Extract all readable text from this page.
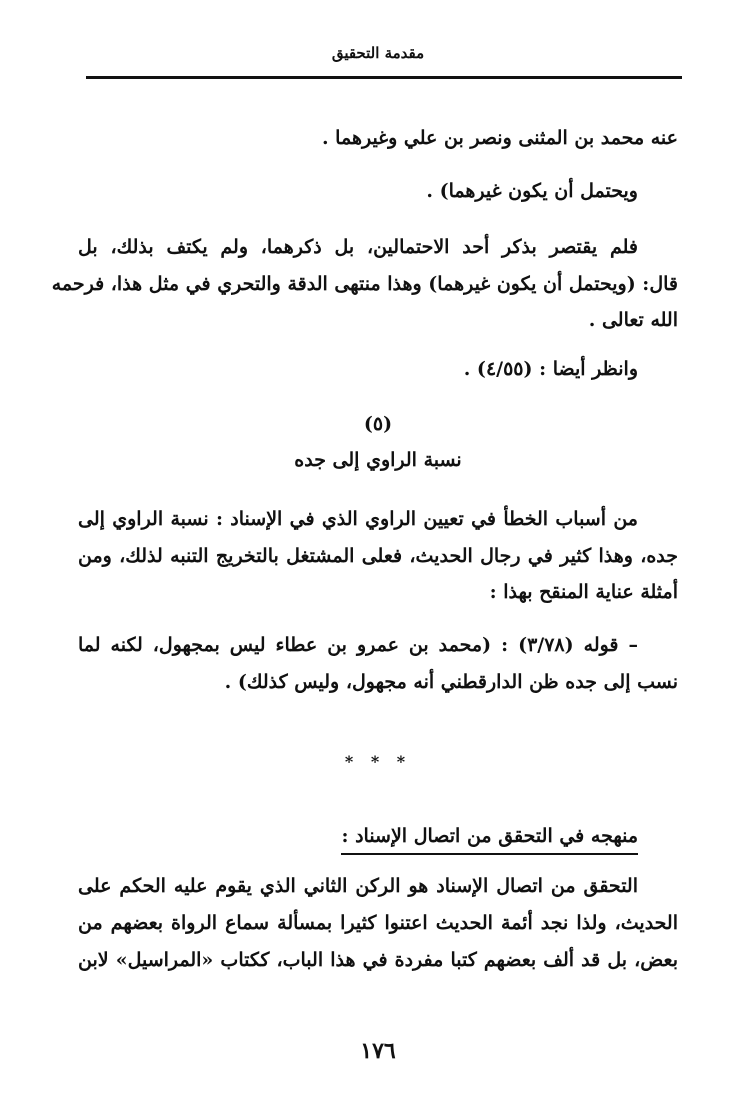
مقدمة التحقيق
عنه محمد بن المثنى ونصر بن علي وغيرهما .
ويحتمل أن يكون غيرهما) .
فلم يقتصر بذكر أحد الاحتمالين، بل ذكرهما، ولم يكتف بذلك، بل
قال: (ويحتمل أن يكون غيرهما) وهذا منتهى الدقة والتحري في مثل هذا، فرحمه
الله تعالى .
وانظر أيضا : (٤/٥٥) .
(٥)
نسبة الراوي إلى جده
من أسباب الخطأ في تعيين الراوي الذي في الإسناد : نسبة الراوي إلى
جده، وهذا كثير في رجال الحديث، فعلى المشتغل بالتخريج التنبه لذلك، ومن
أمثلة عناية المنقح بهذا :
– قوله (٣/٧٨) : (محمد بن عمرو بن عطاء ليس بمجهول، لكنه لما
نسب إلى جده ظن الدارقطني أنه مجهول، وليس كذلك) .
* * *
منهجه في التحقق من اتصال الإسناد :
التحقق من اتصال الإسناد هو الركن الثاني الذي يقوم عليه الحكم على
الحديث، ولذا نجد أئمة الحديث اعتنوا كثيرا بمسألة سماع الرواة بعضهم من
بعض، بل قد ألف بعضهم كتبا مفردة في هذا الباب، ككتاب «المراسيل» لابن
١٧٦
